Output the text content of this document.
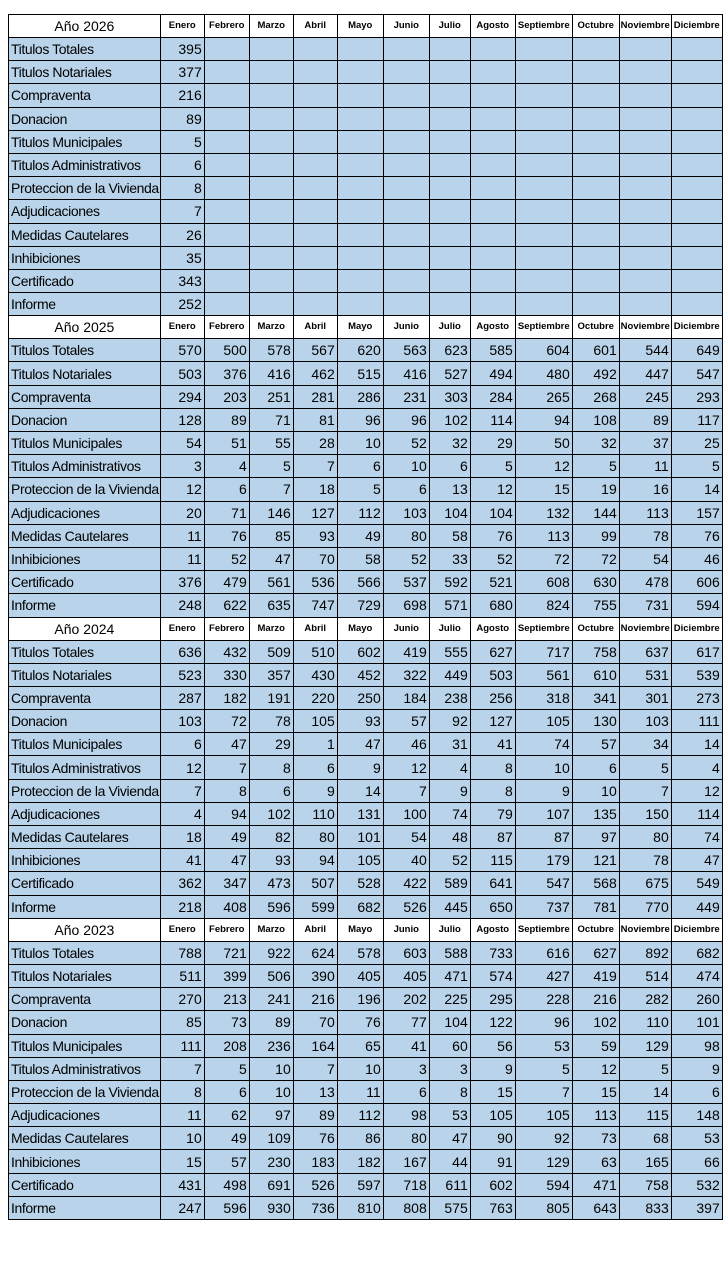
Año 2026	Enero	Febrero	Marzo	Abril	Mayo	Junio	Julio	Agosto	Septiembre	Octubre	Noviembre	Diciembre
Titulos Totales	395											
Titulos Notariales	377											
Compraventa	216											
Donacion	89											
Titulos Municipales	5											
Titulos Administrativos	6											
Proteccion de la Vivienda	8											
Adjudicaciones	7											
Medidas Cautelares	26											
Inhibiciones	35											
Certificado	343											
Informe	252											
Año 2025	Enero	Febrero	Marzo	Abril	Mayo	Junio	Julio	Agosto	Septiembre	Octubre	Noviembre	Diciembre
Titulos Totales	570	500	578	567	620	563	623	585	604	601	544	649
Titulos Notariales	503	376	416	462	515	416	527	494	480	492	447	547
Compraventa	294	203	251	281	286	231	303	284	265	268	245	293
Donacion	128	89	71	81	96	96	102	114	94	108	89	117
Titulos Municipales	54	51	55	28	10	52	32	29	50	32	37	25
Titulos Administrativos	3	4	5	7	6	10	6	5	12	5	11	5
Proteccion de la Vivienda	12	6	7	18	5	6	13	12	15	19	16	14
Adjudicaciones	20	71	146	127	112	103	104	104	132	144	113	157
Medidas Cautelares	11	76	85	93	49	80	58	76	113	99	78	76
Inhibiciones	11	52	47	70	58	52	33	52	72	72	54	46
Certificado	376	479	561	536	566	537	592	521	608	630	478	606
Informe	248	622	635	747	729	698	571	680	824	755	731	594
Año 2024	Enero	Febrero	Marzo	Abril	Mayo	Junio	Julio	Agosto	Septiembre	Octubre	Noviembre	Diciembre
Titulos Totales	636	432	509	510	602	419	555	627	717	758	637	617
Titulos Notariales	523	330	357	430	452	322	449	503	561	610	531	539
Compraventa	287	182	191	220	250	184	238	256	318	341	301	273
Donacion	103	72	78	105	93	57	92	127	105	130	103	111
Titulos Municipales	6	47	29	1	47	46	31	41	74	57	34	14
Titulos Administrativos	12	7	8	6	9	12	4	8	10	6	5	4
Proteccion de la Vivienda	7	8	6	9	14	7	9	8	9	10	7	12
Adjudicaciones	4	94	102	110	131	100	74	79	107	135	150	114
Medidas Cautelares	18	49	82	80	101	54	48	87	87	97	80	74
Inhibiciones	41	47	93	94	105	40	52	115	179	121	78	47
Certificado	362	347	473	507	528	422	589	641	547	568	675	549
Informe	218	408	596	599	682	526	445	650	737	781	770	449
Año 2023	Enero	Febrero	Marzo	Abril	Mayo	Junio	Julio	Agosto	Septiembre	Octubre	Noviembre	Diciembre
Titulos Totales	788	721	922	624	578	603	588	733	616	627	892	682
Titulos Notariales	511	399	506	390	405	405	471	574	427	419	514	474
Compraventa	270	213	241	216	196	202	225	295	228	216	282	260
Donacion	85	73	89	70	76	77	104	122	96	102	110	101
Titulos Municipales	111	208	236	164	65	41	60	56	53	59	129	98
Titulos Administrativos	7	5	10	7	10	3	3	9	5	12	5	9
Proteccion de la Vivienda	8	6	10	13	11	6	8	15	7	15	14	6
Adjudicaciones	11	62	97	89	112	98	53	105	105	113	115	148
Medidas Cautelares	10	49	109	76	86	80	47	90	92	73	68	53
Inhibiciones	15	57	230	183	182	167	44	91	129	63	165	66
Certificado	431	498	691	526	597	718	611	602	594	471	758	532
Informe	247	596	930	736	810	808	575	763	805	643	833	397
